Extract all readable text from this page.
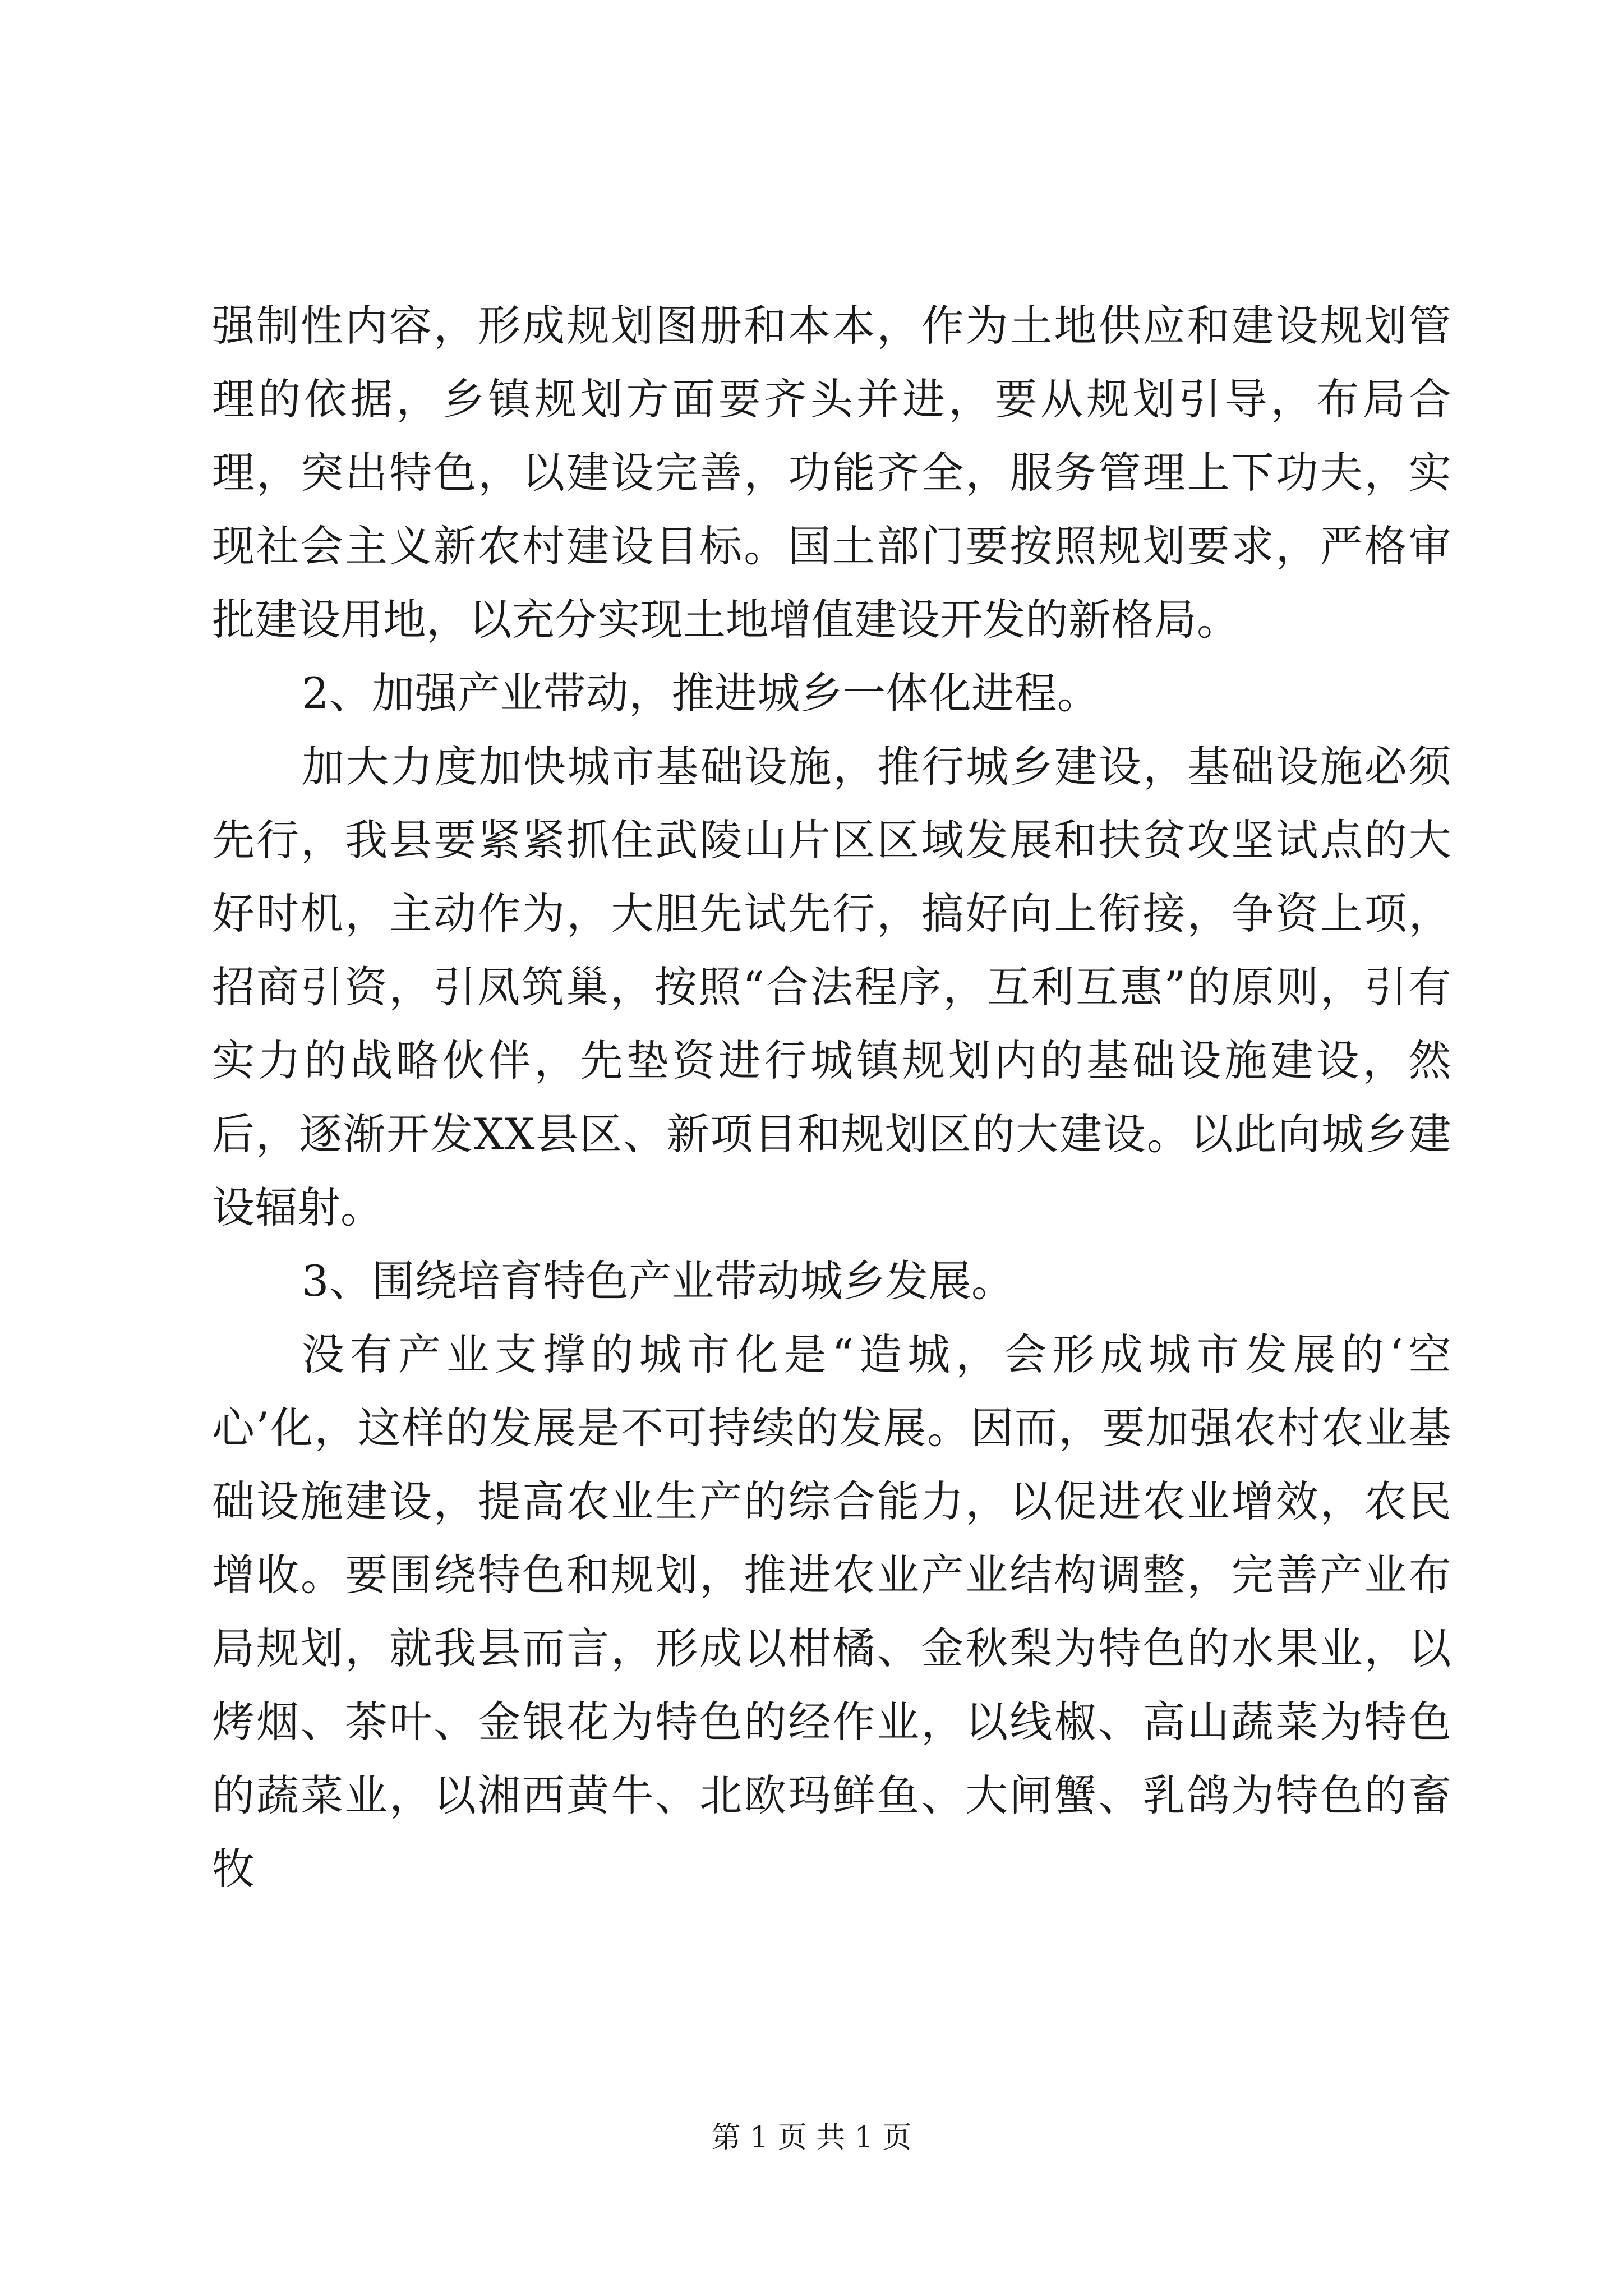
强制性内容，形成规划图册和本本，作为土地供应和建设规划管理的依据，乡镇规划方面要齐头并进，要从规划引导，布局合理，突出特色，以建设完善，功能齐全，服务管理上下功夫，实现社会主义新农村建设目标。国土部门要按照规划要求，严格审批建设用地，以充分实现土地增值建设开发的新格局。

2、加强产业带动，推进城乡一体化进程。

加大力度加快城市基础设施，推行城乡建设，基础设施必须先行，我县要紧紧抓住武陵山片区区域发展和扶贫攻坚试点的大好时机，主动作为，大胆先试先行，搞好向上衔接，争资上项，招商引资，引凤筑巢，按照“合法程序，互利互惠”的原则，引有实力的战略伙伴，先垫资进行城镇规划内的基础设施建设，然后，逐渐开发XX县区、新项目和规划区的大建设。以此向城乡建设辐射。

3、围绕培育特色产业带动城乡发展。

没有产业支撑的城市化是“造城，会形成城市发展的‘空心’化，这样的发展是不可持续的发展。因而，要加强农村农业基础设施建设，提高农业生产的综合能力，以促进农业增效，农民增收。要围绕特色和规划，推进农业产业结构调整，完善产业布局规划，就我县而言，形成以柑橘、金秋梨为特色的水果业，以烤烟、茶叶、金银花为特色的经作业，以线椒、高山蔬菜为特色的蔬菜业，以湘西黄牛、北欧玛鲜鱼、大闸蟹、乳鸽为特色的畜牧

第 1 页 共 1 页
